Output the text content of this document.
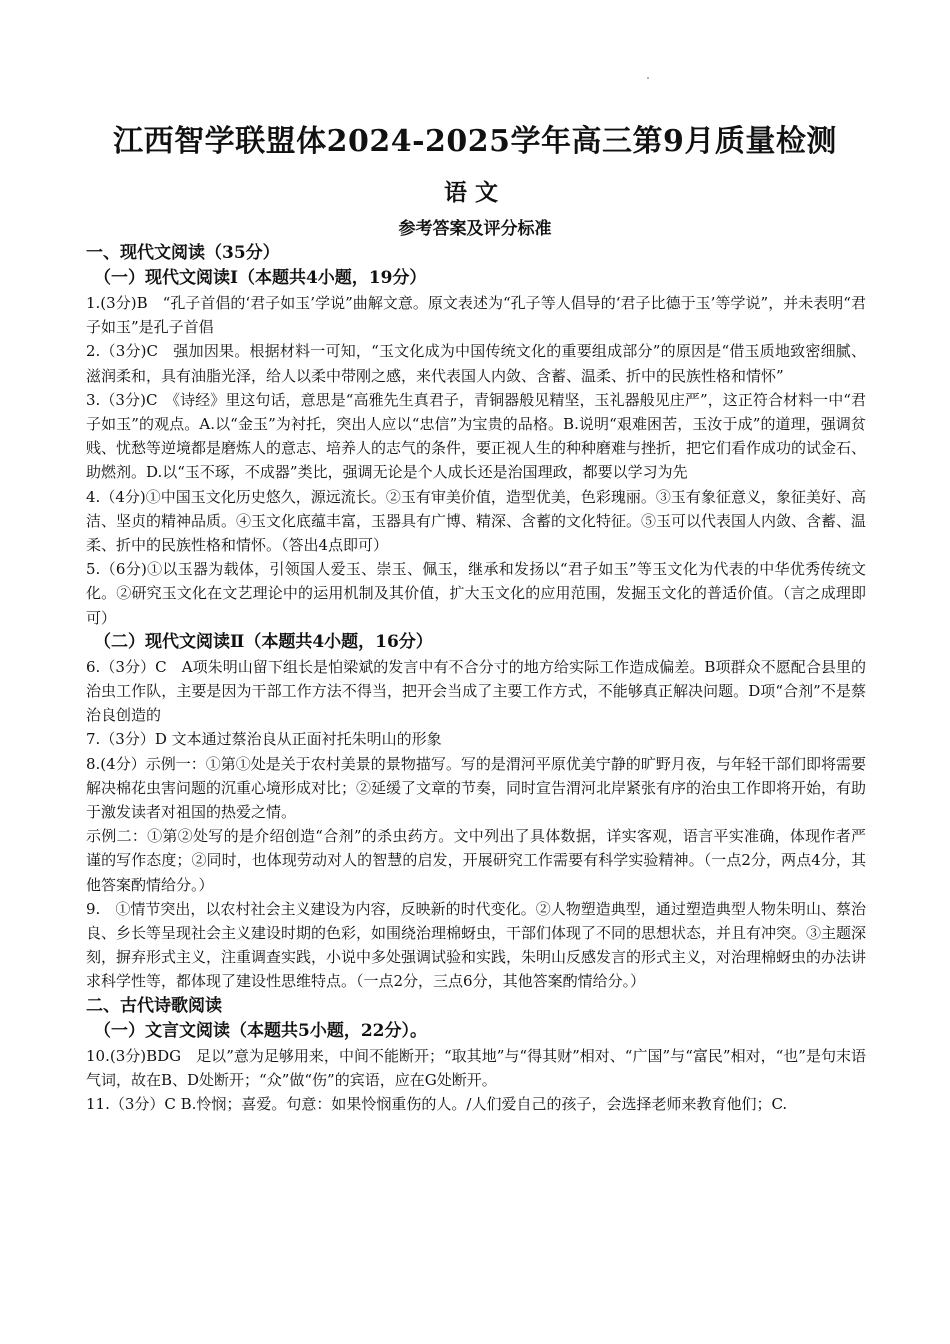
江西智学联盟体2024-2025学年高三第9月质量检测
语文
参考答案及评分标准

一、现代文阅读（35分）

（一）现代文阅读Ⅰ（本题共4小题，19分）

1.(3分)B　“孔子首倡的‘君子如玉’学说”曲解文意。原文表述为“孔子等人倡导的‘君子比德于玉’等学说”，并未表明“君子如玉”是孔子首倡

2.（3分)C　强加因果。根据材料一可知，“玉文化成为中国传统文化的重要组成部分”的原因是“借玉质地致密细腻、滋润柔和，具有油脂光泽，给人以柔中带刚之感，来代表国人内敛、含蓄、温柔、折中的民族性格和情怀”

3.（3分)C　《诗经》里这句话，意思是“高雅先生真君子，青铜器般见精坚，玉礼器般见庄严”，这正符合材料一中“君子如玉”的观点。A.以“金玉”为衬托，突出人应以“忠信”为宝贵的品格。B.说明“艰难困苦，玉汝于成”的道理，强调贫贱、忧愁等逆境都是磨炼人的意志、培养人的志气的条件，要正视人生的种种磨难与挫折，把它们看作成功的试金石、助燃剂。D.以“玉不琢，不成器”类比，强调无论是个人成长还是治国理政，都要以学习为先

4.（4分)①中国玉文化历史悠久，源远流长。②玉有审美价值，造型优美，色彩瑰丽。③玉有象征意义，象征美好、高洁、坚贞的精神品质。④玉文化底蕴丰富，玉器具有广博、精深、含蓄的文化特征。⑤玉可以代表国人内敛、含蓄、温柔、折中的民族性格和情怀。（答出4点即可）

5.（6分)①以玉器为载体，引领国人爱玉、崇玉、佩玉，继承和发扬以“君子如玉”等玉文化为代表的中华优秀传统文化。②研究玉文化在文艺理论中的运用机制及其价值，扩大玉文化的应用范围，发掘玉文化的普适价值。（言之成理即可）

（二）现代文阅读Ⅱ（本题共4小题，16分）

6.（3分）C　A项朱明山留下组长是怕梁斌的发言中有不合分寸的地方给实际工作造成偏差。B项群众不愿配合县里的治虫工作队，主要是因为干部工作方法不得当，把开会当成了主要工作方式，不能够真正解决问题。D项“合剂”不是蔡治良创造的

7.（3分）D 文本通过蔡治良从正面衬托朱明山的形象

8.(4分）示例一：①第①处是关于农村美景的景物描写。写的是渭河平原优美宁静的旷野月夜，与年轻干部们即将需要解决棉花虫害问题的沉重心境形成对比；②延缓了文章的节奏，同时宣告渭河北岸紧张有序的治虫工作即将开始，有助于激发读者对祖国的热爱之情。

示例二：①第②处写的是介绍创造“合剂”的杀虫药方。文中列出了具体数据，详实客观，语言平实准确，体现作者严谨的写作态度；②同时，也体现劳动对人的智慧的启发，开展研究工作需要有科学实验精神。（一点2分，两点4分，其他答案酌情给分。）

9.　①情节突出，以农村社会主义建设为内容，反映新的时代变化。②人物塑造典型，通过塑造典型人物朱明山、蔡治良、乡长等呈现社会主义建设时期的色彩，如围绕治理棉蚜虫，干部们体现了不同的思想状态，并且有冲突。③主题深刻，摒弃形式主义，注重调查实践，小说中多处强调试验和实践，朱明山反感发言的形式主义，对治理棉蚜虫的办法讲求科学性等，都体现了建设性思维特点。（一点2分，三点6分，其他答案酌情给分。）

二、古代诗歌阅读

（一）文言文阅读（本题共5小题，22分）。

10.(3分)BDG　足以”意为足够用来，中间不能断开；“取其地”与“得其财”相对、“广国”与“富民”相对，“也”是句末语气词，故在B、D处断开；“众”做“伤”的宾语，应在G处断开。

11.（3分）C B.怜悯；喜爱。句意：如果怜悯重伤的人。/人们爱自己的孩子，会选择老师来教育他们；C.
